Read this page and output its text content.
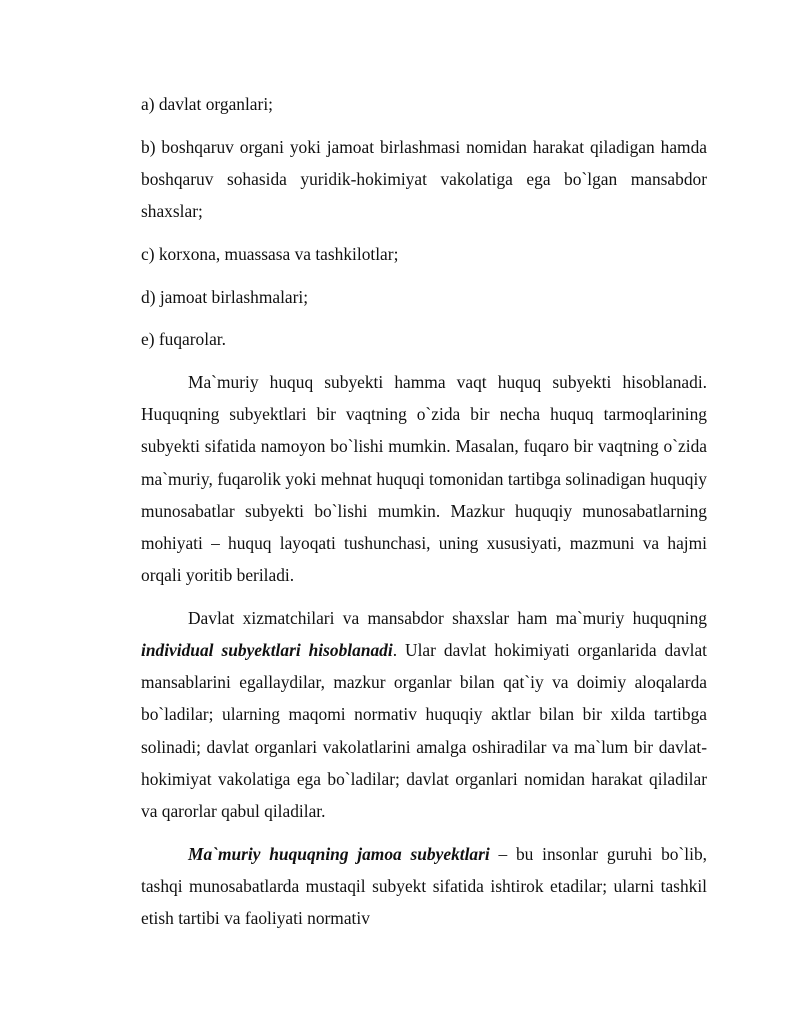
a) davlat organlari;

b) boshqaruv organi yoki jamoat birlashmasi nomidan harakat qiladigan hamda boshqaruv sohasida yuridik-hokimiyat vakolatiga ega bo`lgan mansabdor shaxslar;

c) korxona, muassasa va tashkilotlar;

d) jamoat birlashmalari;

e) fuqarolar.

Ma`muriy huquq subyekti hamma vaqt huquq subyekti hisoblanadi. Huquqning subyektlari bir vaqtning o`zida bir necha huquq tarmoqlarining subyekti sifatida namoyon bo`lishi mumkin. Masalan, fuqaro bir vaqtning o`zida ma`muriy, fuqarolik yoki mehnat huquqi tomonidan tartibga solinadigan huquqiy munosabatlar subyekti bo`lishi mumkin. Mazkur huquqiy munosabatlarning mohiyati – huquq layoqati tushunchasi, uning xususiyati, mazmuni va hajmi orqali yoritib beriladi.

Davlat xizmatchilari va mansabdor shaxslar ham ma`muriy huquqning individual subyektlari hisoblanadi. Ular davlat hokimiyati organlarida davlat mansablarini egallaydilar, mazkur organlar bilan qat`iy va doimiy aloqalarda bo`ladilar; ularning maqomi normativ huquqiy aktlar bilan bir xilda tartibga solinadi; davlat organlari vakolatlarini amalga oshiradilar va ma`lum bir davlat-hokimiyat vakolatiga ega bo`ladilar; davlat organlari nomidan harakat qiladilar va qarorlar qabul qiladilar.

Ma`muriy huquqning jamoa subyektlari – bu insonlar guruhi bo`lib, tashqi munosabatlarda mustaqil subyekt sifatida ishtirok etadilar; ularni tashkil etish tartibi va faoliyati normativ
